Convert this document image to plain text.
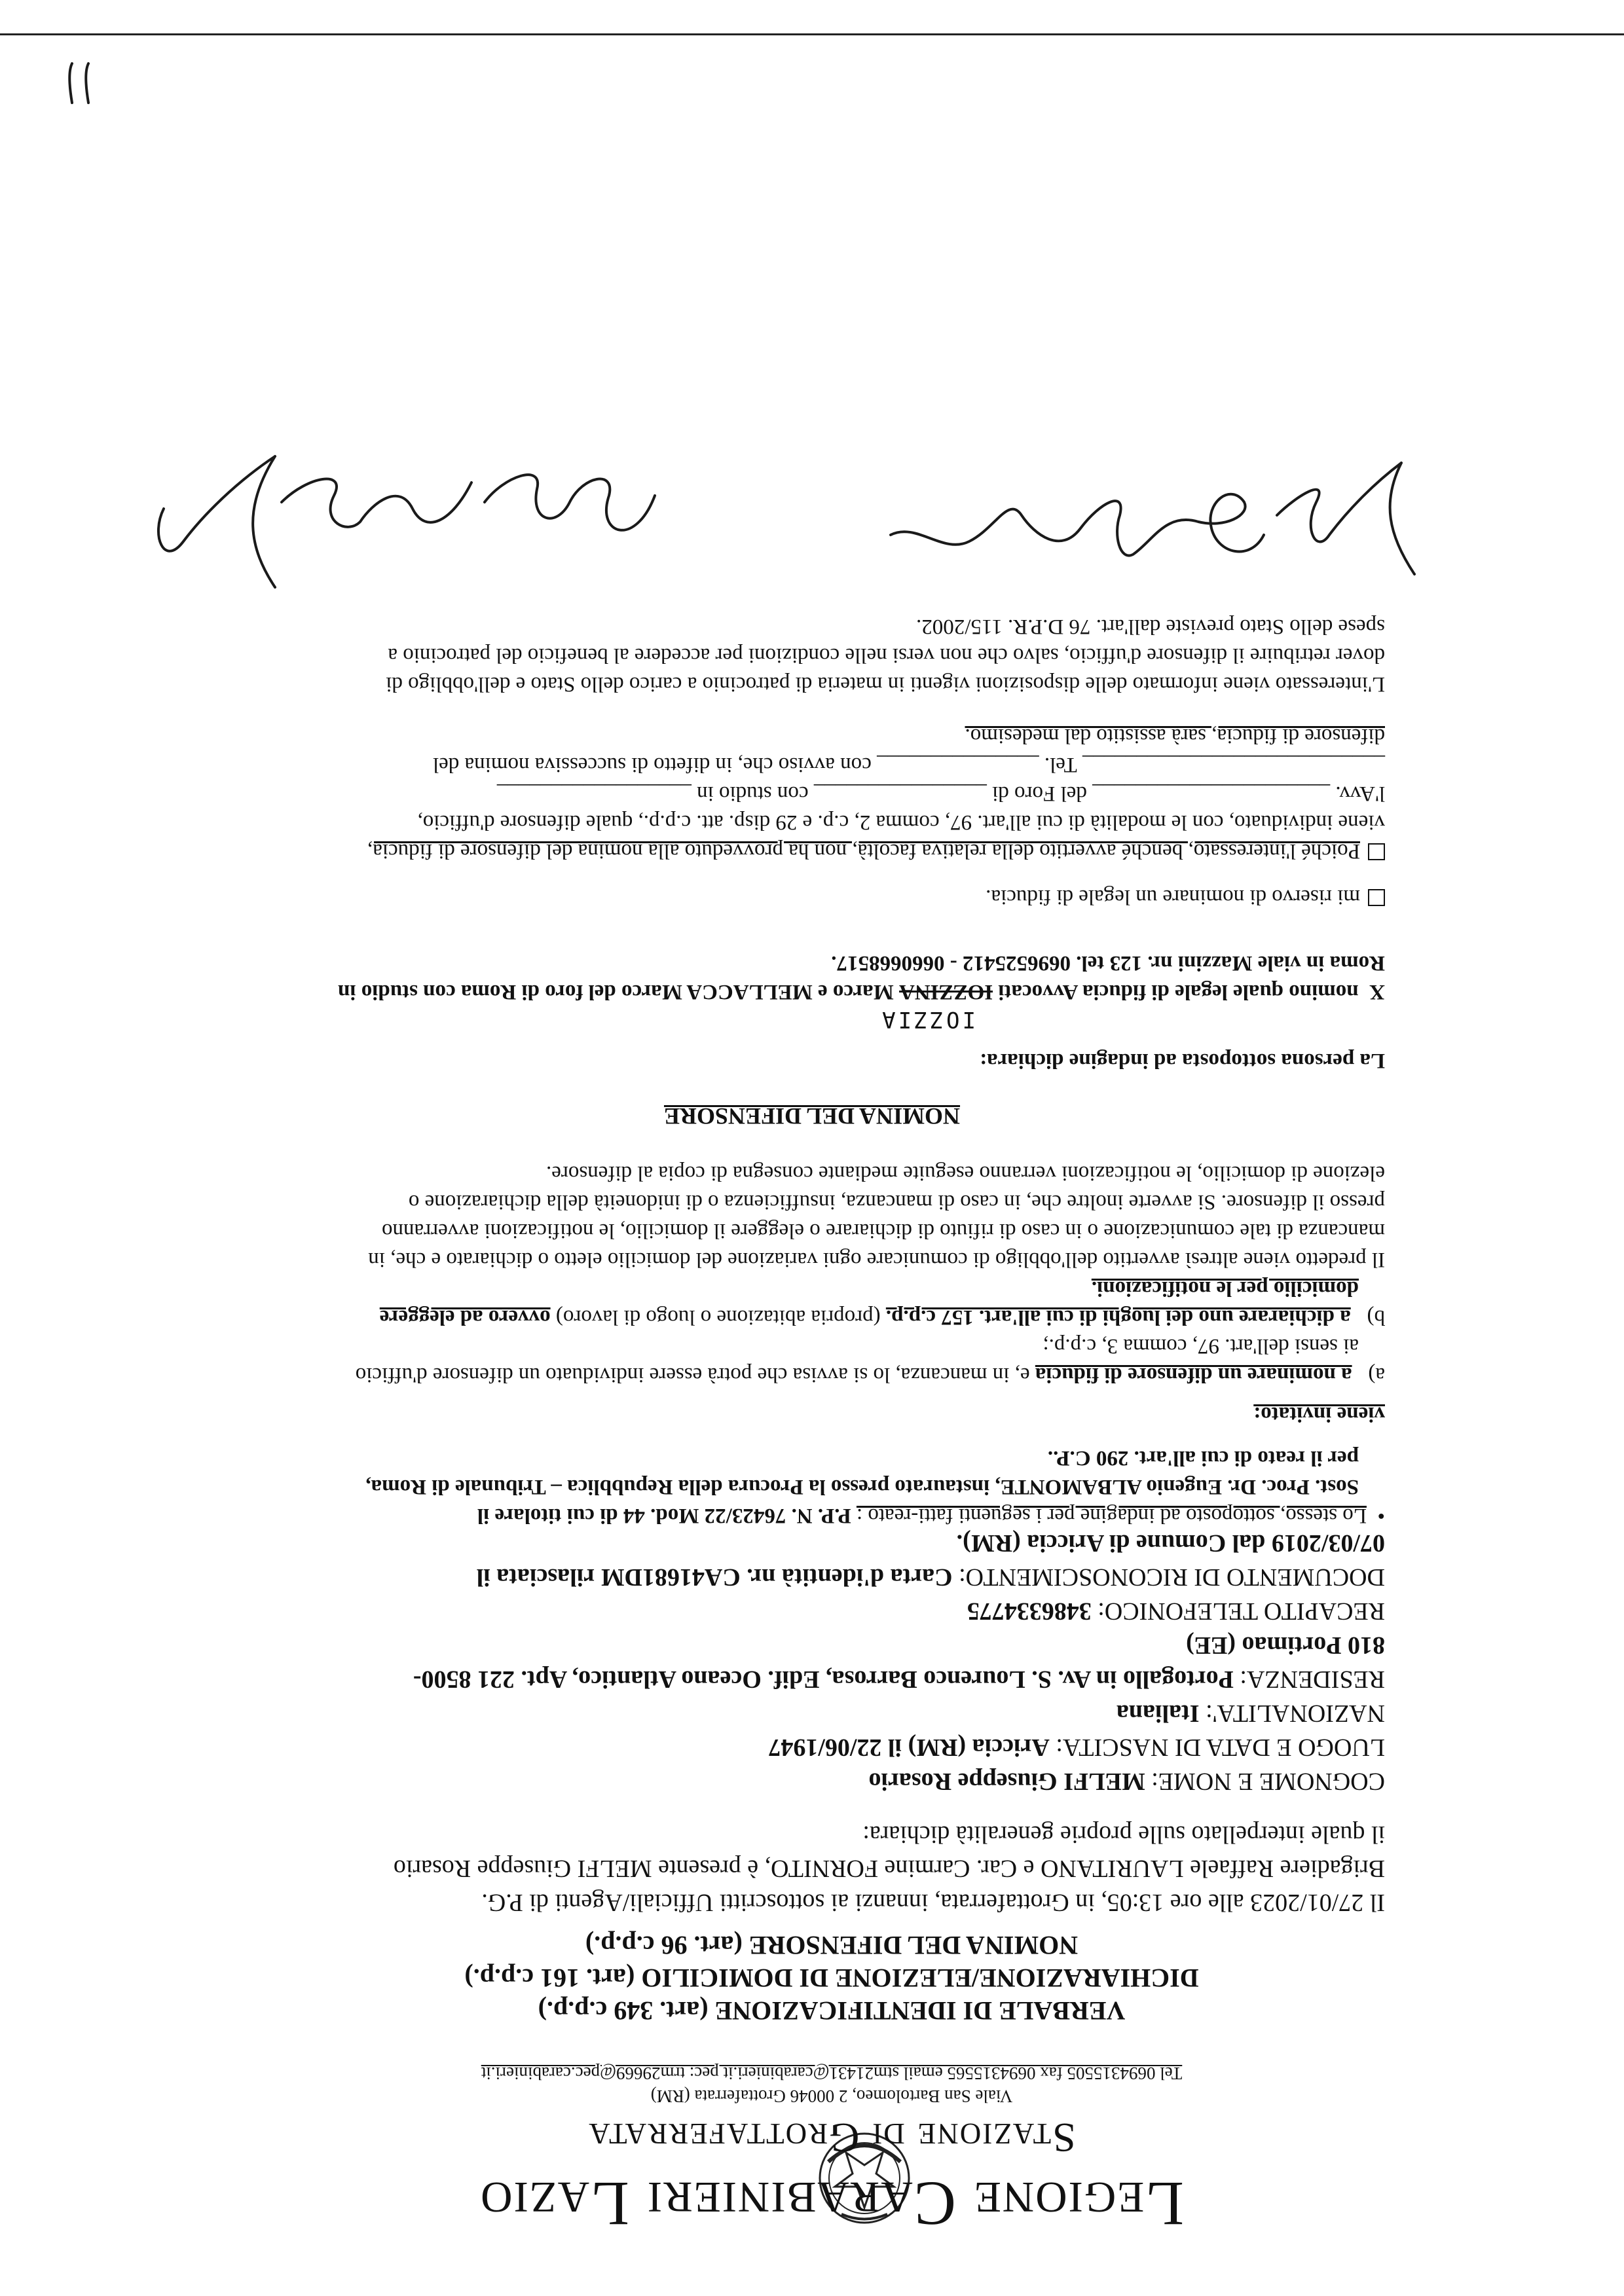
Legione Carabinieri Lazio
Stazione di Grottaferrata
Viale San Bartolomeo, 2 00046 Grottaferrata (RM)
Tel 0694315505 fax 0694315565 email stm21431@carabinieri.it pec: trm29669@pec.carabinieri.it
VERBALE DI IDENTIFICAZIONE (art. 349 c.p.p.)
DICHIARAZIONE/ELEZIONE DI DOMICILIO (art. 161 c.p.p.)
NOMINA DEL DIFENSORE (art. 96 c.p.p.)
Il 27/01/2023 alle ore 13:05, in Grottaferrata, innanzi ai sottoscritti Ufficiali/Agenti di P.G.
Brigadiere Raffaele LAURITANO e Car. Carmine FORNITO, è presente MELFI Giuseppe Rosario
il quale interpellato sulle proprie generalità dichiara:
COGNOME E NOME: MELFI Giuseppe Rosario
LUOGO E DATA DI NASCITA: Ariccia (RM) il 22/06/1947
NAZIONALITA': Italiana
RESIDENZA: Portogallo in Av. S. Lourenco Barrosa, Edif. Oceano Atlantico, Apt. 221 8500-
810 Portimao (EE)
RECAPITO TELEFONICO: 3486334775
DOCUMENTO DI RICONOSCIMENTO: Carta d'identità nr. CA41681DM rilasciata il
07/03/2019 dal Comune di Ariccia (RM).
•  Lo stesso, sottoposto ad indagine per i seguenti fatti-reato : P.P. N. 76423/22 Mod. 44 di cui titolare il
Sost. Proc. Dr. Eugenio ALBAMONTE, instaurato presso la Procura della Repubblica – Tribunale di Roma,
per il reato di cui all'art. 290 C.P..
viene invitato:
a)   a nominare un difensore di fiducia e, in mancanza, lo si avvisa che potrà essere individuato un difensore d'ufficio
ai sensi dell'art. 97, comma 3, c.p.p.;
b)   a dichiarare uno dei luoghi di cui all'art. 157 c.p.p. (propria abitazione o luogo di lavoro) ovvero ad eleggere
domicilio per le notificazioni.
Il predetto viene altresì avvertito dell'obbligo di comunicare ogni variazione del domicilio eletto o dichiarato e che, in
mancanza di tale comunicazione o in caso di rifiuto di dichiarare o eleggere il domicilio, le notificazioni avverranno
presso il difensore. Si avverte inoltre che, in caso di mancanza, insufficienza o di inidoneità della dichiarazione o
elezione di domicilio, le notificazioni verranno eseguite mediante consegna di copia al difensore.
NOMINA DEL DIFENSORE
La persona sottoposta ad indagine dichiara:
IOZZIA
X  nomino quale legale di fiducia Avvocati IOZZINA Marco e MELLACCA Marco del foro di Roma con studio in
Roma in viale Mazzini nr. 123 tel. 0696525412 - 0660668517.
mi riservo di nominare un legale di fiducia.
Poiché l'interessato, benché avvertito della relativa facoltà, non ha provveduto alla nomina del difensore di fiducia,
viene individuato, con le modalità di cui all'art. 97, comma 2, c.p. e 29 disp. att. c.p.p., quale difensore d'ufficio,
l'Avv. ______________________ del Foro di ________________ con studio in __________________
____________________________ Tel. _______________ con avviso che, in difetto di successiva nomina del
difensore di fiducia, sarà assistito dal medesimo.
L'interessato viene informato delle disposizioni vigenti in materia di patrocinio a carico dello Stato e dell'obbligo di
dover retribuire il difensore d'ufficio, salvo che non versi nelle condizioni per accedere al beneficio del patrocinio a
spese dello Stato previste dall'art. 76 D.P.R. 115/2002.
